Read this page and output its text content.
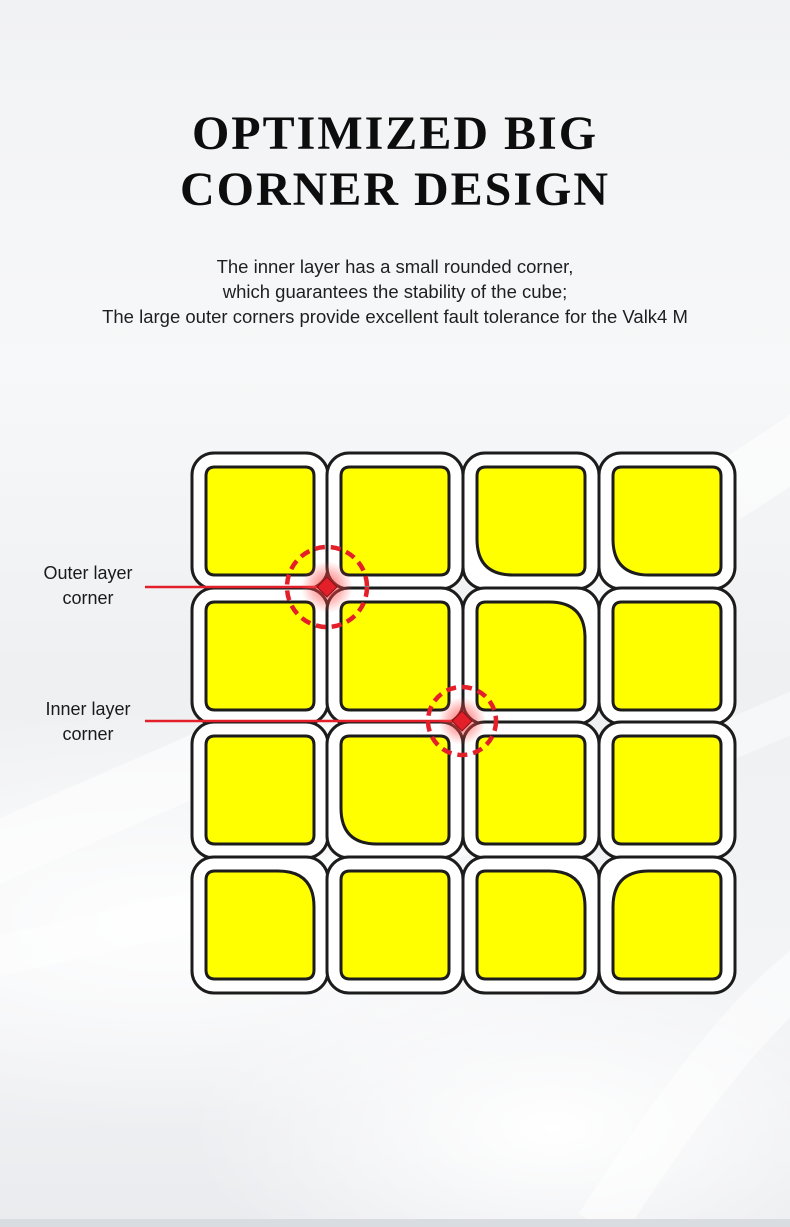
OPTIMIZED BIG
CORNER DESIGN

The inner layer has a small rounded corner,
which guarantees the stability of the cube;
The large outer corners provide excellent fault tolerance for the Valk4 M

Outer layer
corner
Inner layer
corner
